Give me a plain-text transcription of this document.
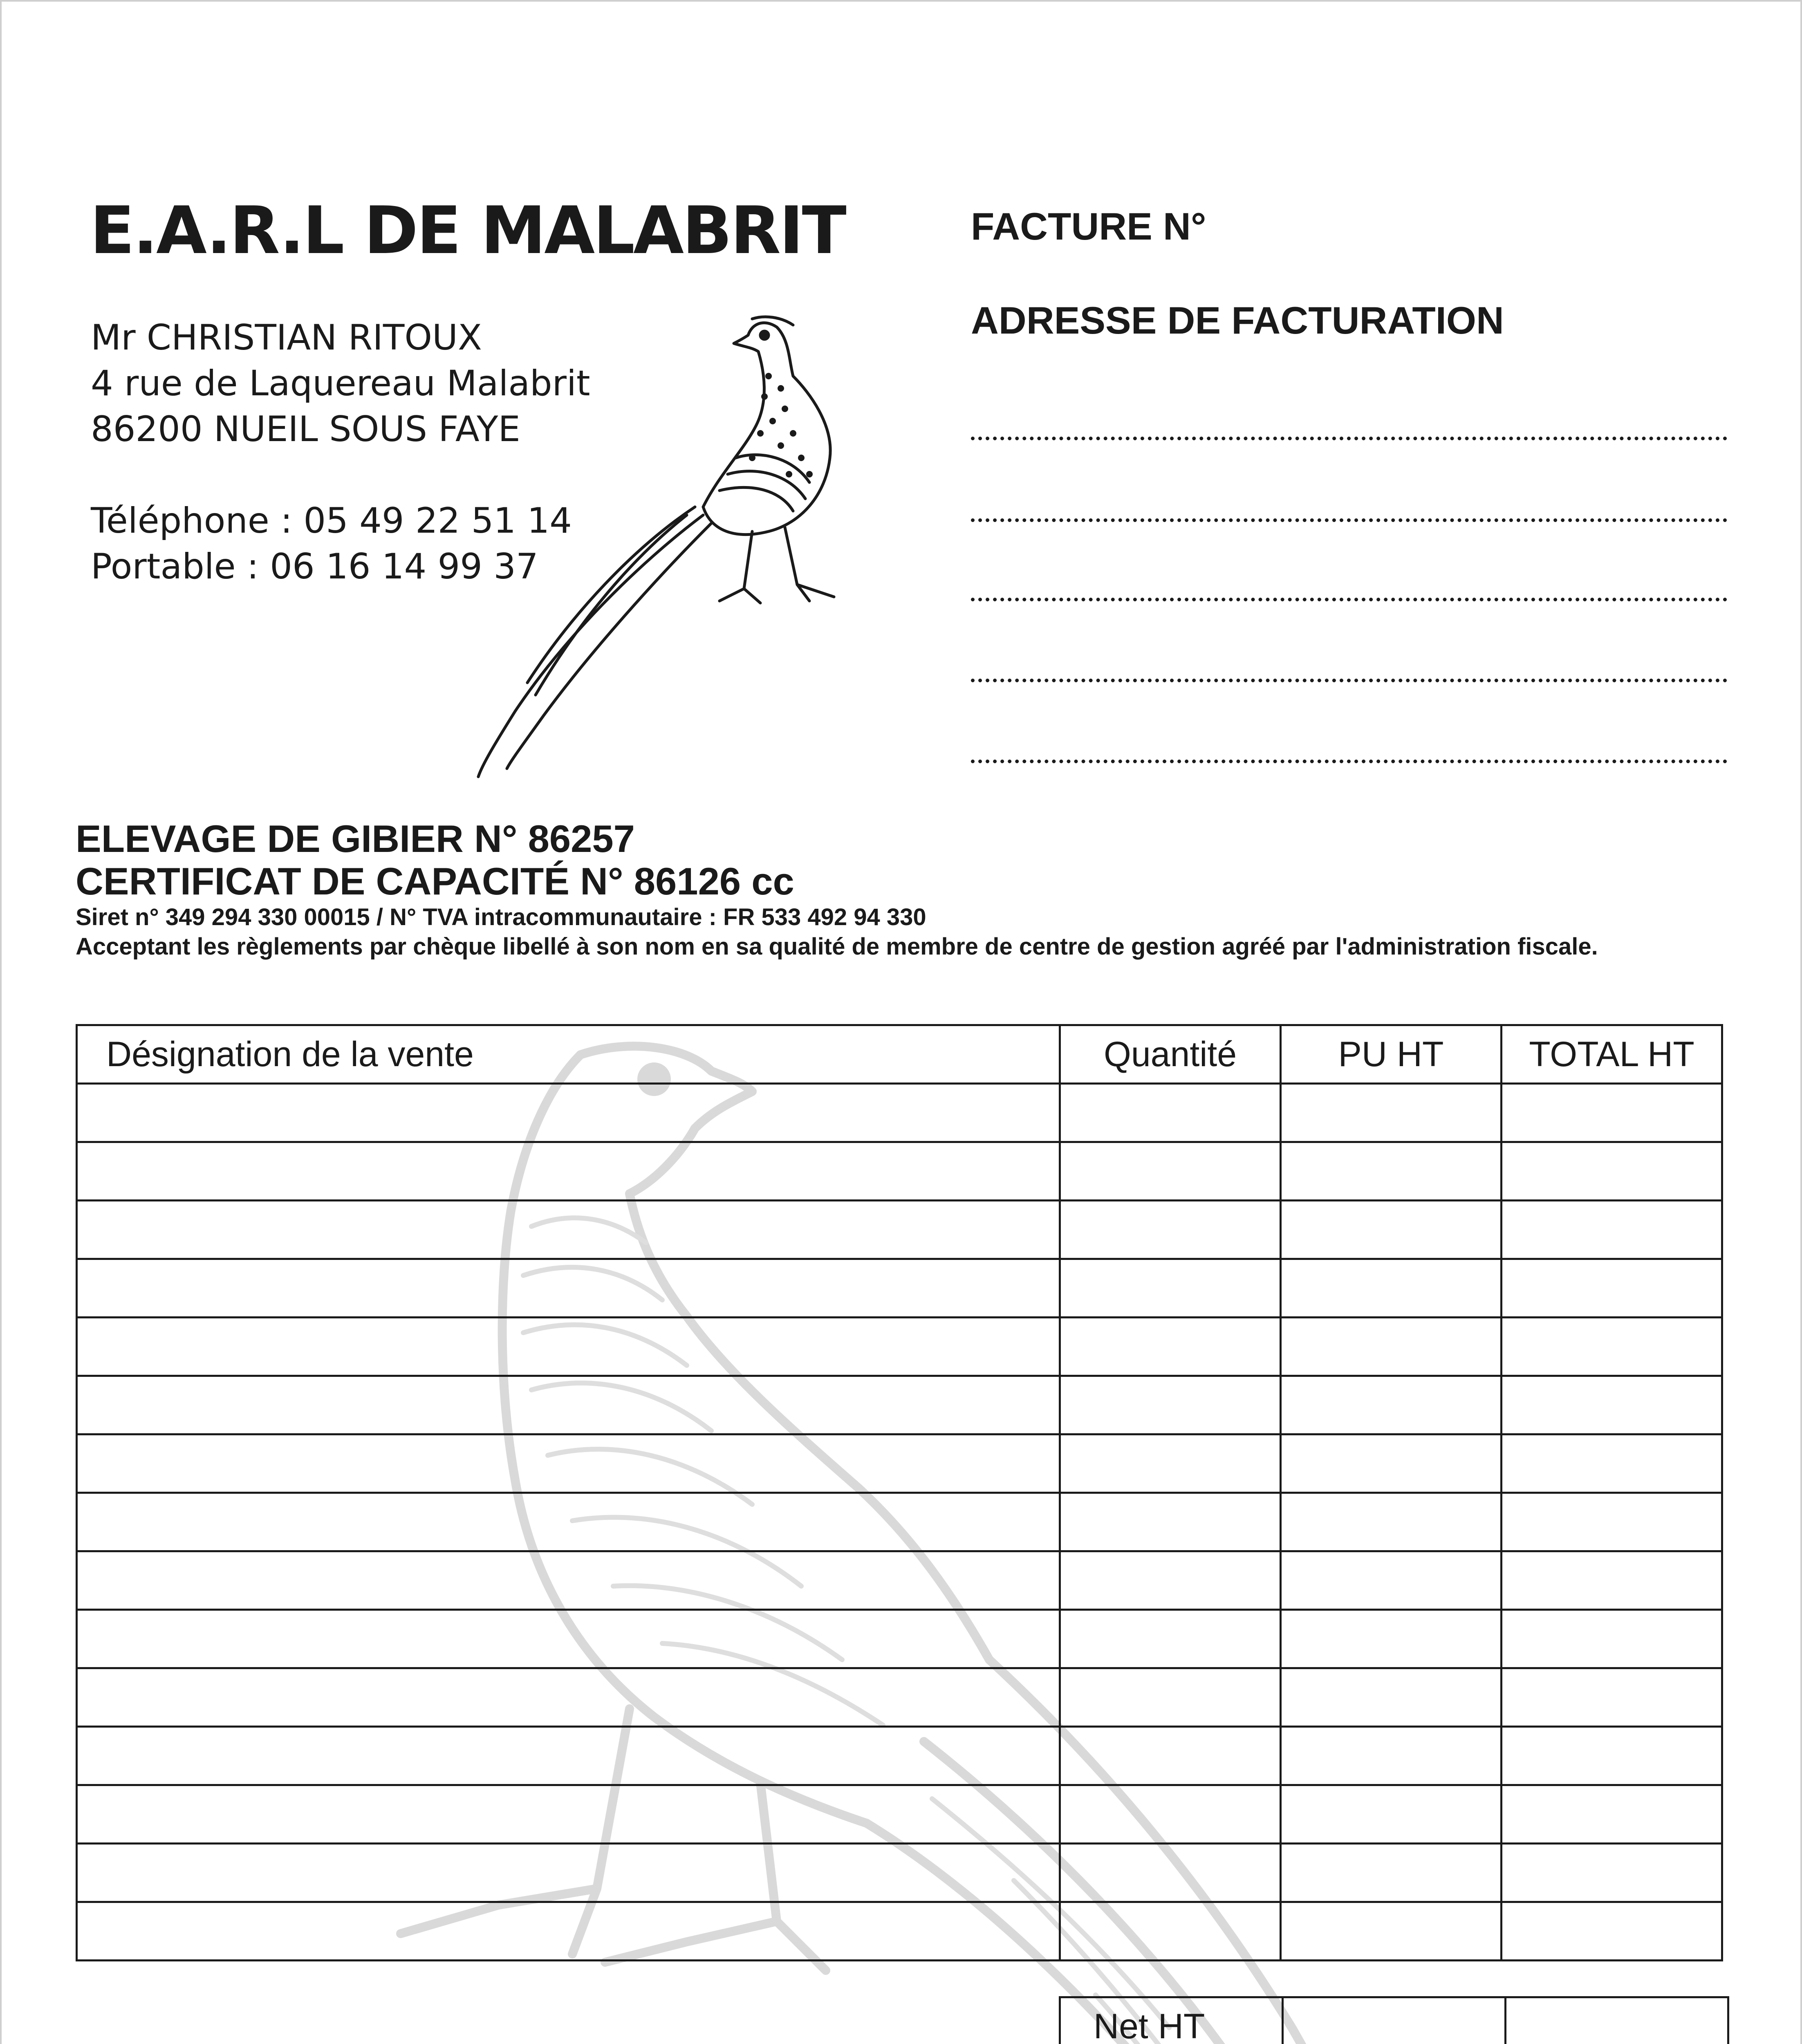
E.A.R.L DE MALABRIT
Mr CHRISTIAN RITOUX
4 rue de Laquereau Malabrit
86200 NUEIL SOUS FAYE
Téléphone : 05 49 22 51 14
Portable : 06 16 14 99 37
FACTURE N°
ADRESSE DE FACTURATION
ELEVAGE DE GIBIER N° 86257
CERTIFICAT DE CAPACITÉ N° 86126 cc
Siret n° 349 294 330 00015 / N° TVA intracommunautaire : FR 533 492 94 330
Acceptant les règlements par chèque libellé à son nom en sa qualité de membre de centre de gestion agréé par l'administration fiscale.
Désignation de la vente	Quantité	PU HT	TOTAL HT

Net HT		
